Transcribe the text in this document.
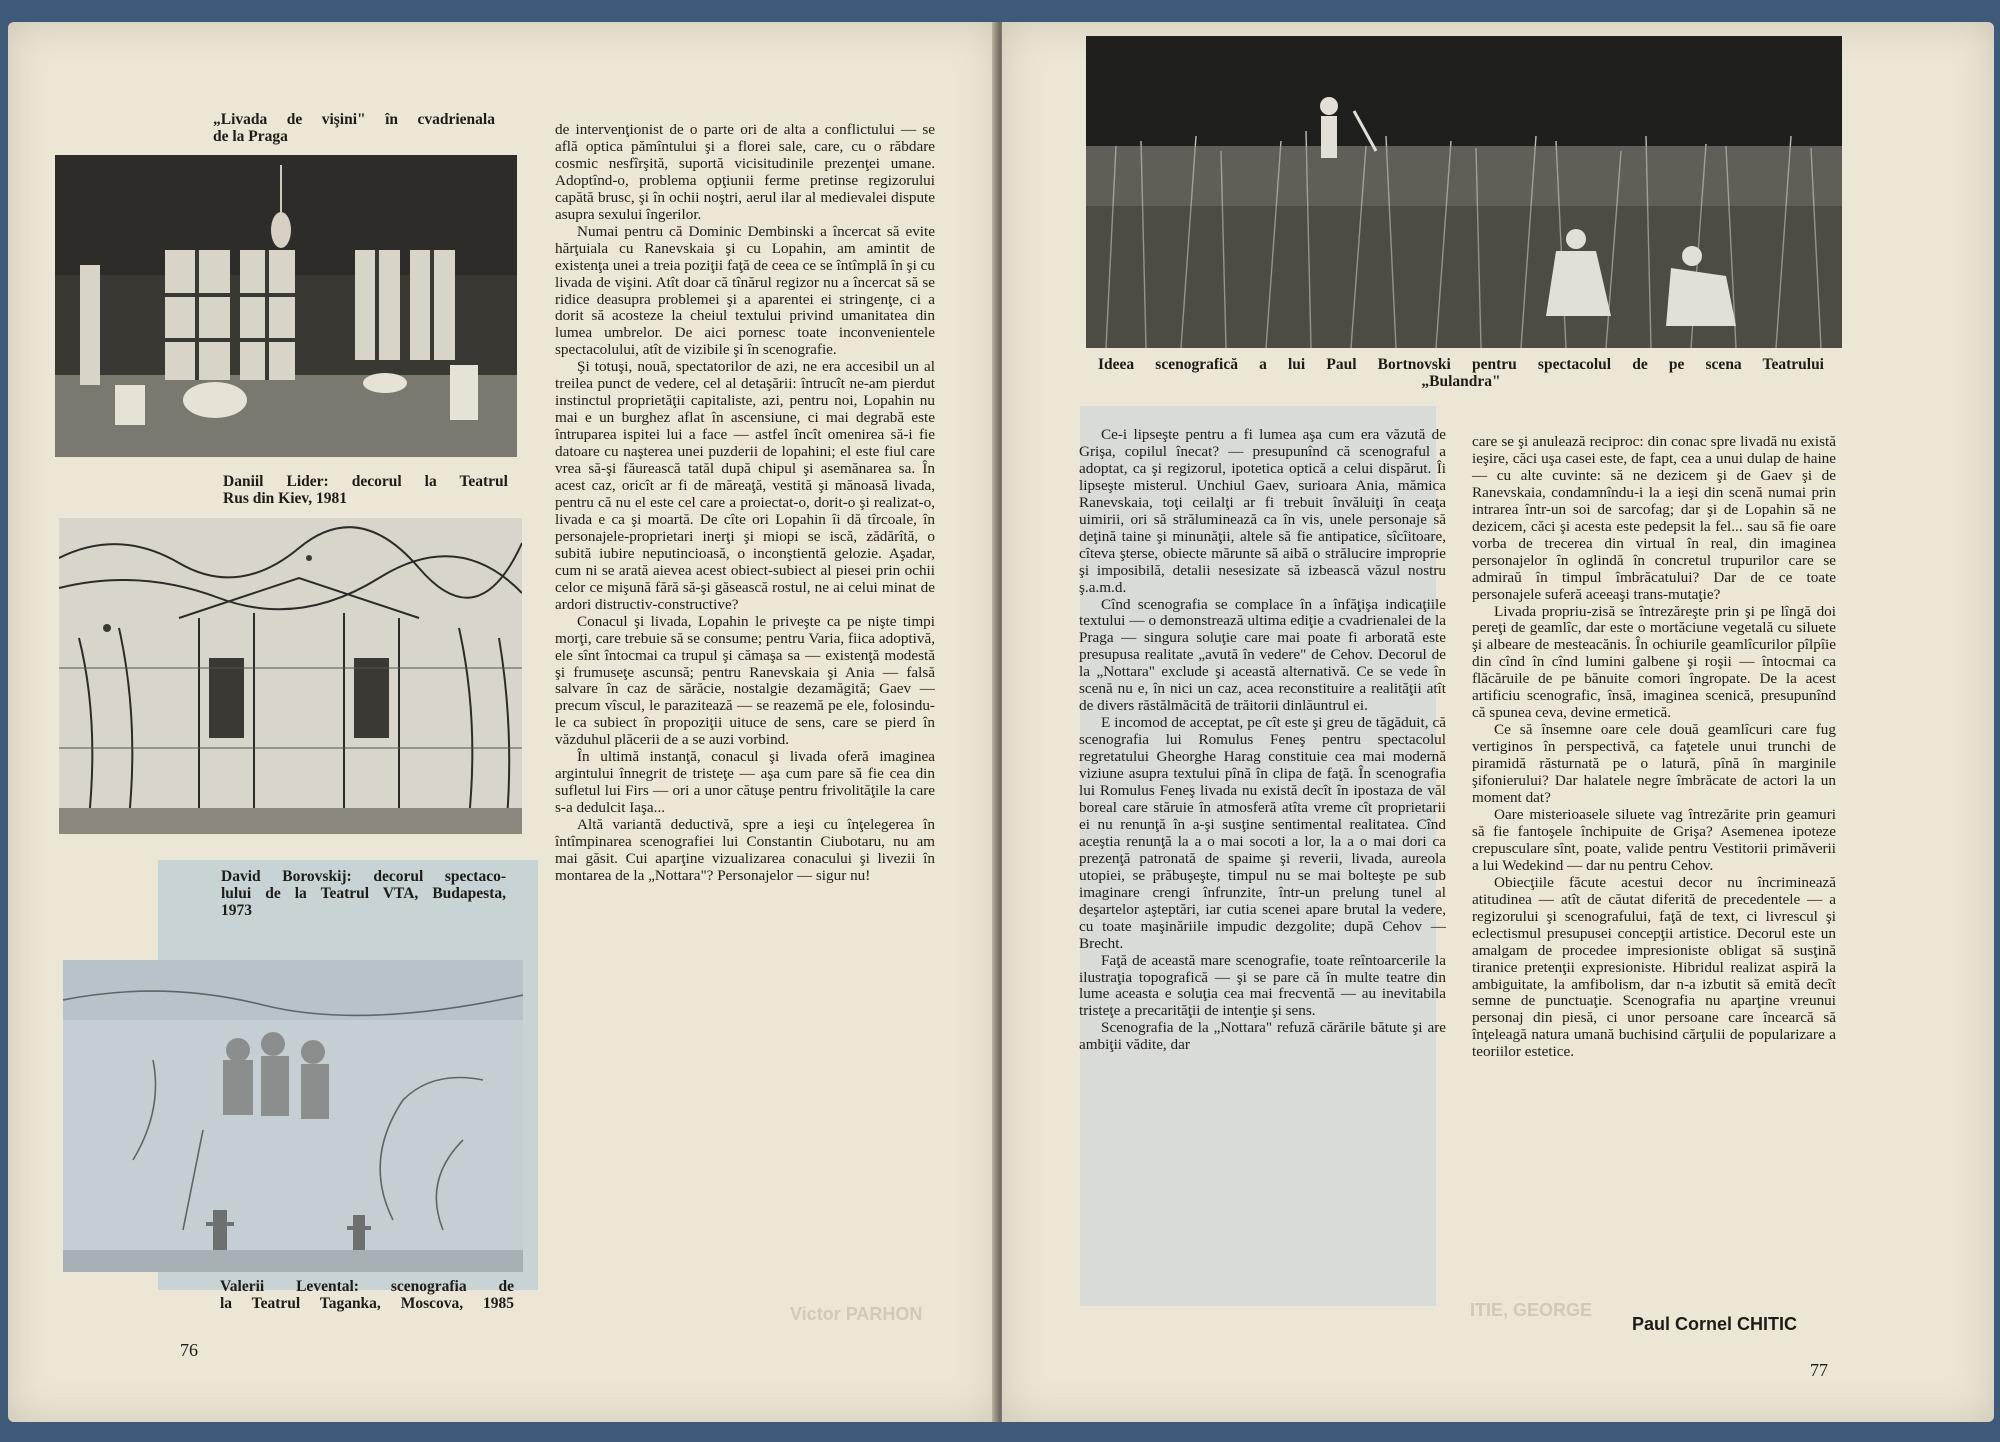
„Livada de vişini" în cvadrienala
de la Praga
Daniil Lider: decorul la Teatrul
Rus din Kiev, 1981
David Borovskij: decorul spectaco-
lului de la Teatrul VTA, Budapesta,
1973
Valerii Levental: scenografia de
la Teatrul Taganka, Moscova, 1985

de intervenţionist de o parte ori de alta a conflictului — se află optica pămîntului şi a florei sale, care, cu o răbdare cosmic nesfîrşită, suportă vicisitudinile prezenţei umane. Adoptînd-o, problema opţiunii ferme pretinse regizorului capătă brusc, şi în ochii noştri, aerul ilar al medievalei dispute asupra sexului îngerilor.

Numai pentru că Dominic Dembinski a încercat să evite hărţuiala cu Ranevskaia şi cu Lopahin, am amintit de existenţa unei a treia poziţii faţă de ceea ce se întîmplă în şi cu livada de vişini. Atît doar că tînărul regizor nu a încercat să se ridice deasupra problemei şi a aparentei ei stringenţe, ci a dorit să acosteze la cheiul textului privind umanitatea din lumea umbrelor. De aici pornesc toate inconvenientele spectacolului, atît de vizibile şi în scenografie.

Şi totuşi, nouă, spectatorilor de azi, ne era accesibil un al treilea punct de vedere, cel al detaşării: întrucît ne-am pierdut instinctul proprietăţii capitaliste, azi, pentru noi, Lopahin nu mai e un burghez aflat în ascensiune, ci mai degrabă este întruparea ispitei lui a face — astfel încît omenirea să-i fie datoare cu naşterea unei puzderii de lopahini; el este fiul care vrea să-şi făurească tatăl după chipul şi asemănarea sa. În acest caz, oricît ar fi de măreaţă, vestită şi mănoasă livada, pentru că nu el este cel care a proiectat-o, dorit-o şi realizat-o, livada e ca şi moartă. De cîte ori Lopahin îi dă tîrcoale, în personajele-proprietari inerţi şi miopi se iscă, zădărîtă, o subită iubire neputincioasă, o inconştientă gelozie. Aşadar, cum ni se arată aievea acest obiect-subiect al piesei prin ochii celor ce mişună fără să-şi găsească rostul, ne ai celui minat de ardori distructiv-constructive?

Conacul şi livada, Lopahin le priveşte ca pe nişte timpi morţi, care trebuie să se consume; pentru Varia, fiica adoptivă, ele sînt întocmai ca trupul şi cămaşa sa — existenţă modestă şi frumuseţe ascunsă; pentru Ranevskaia şi Ania — falsă salvare în caz de sărăcie, nostalgie dezamăgită; Gaev — precum vîscul, le parazitează — se reazemă pe ele, folosindu-le ca subiect în propoziţii uituce de sens, care se pierd în văzduhul plăcerii de a se auzi vorbind.

În ultimă instanţă, conacul şi livada oferă imaginea argintului înnegrit de tristeţe — aşa cum pare să fie cea din sufletul lui Firs — ori a unor cătuşe pentru frivolităţile la care s-a dedulcit Iaşa...

Altă variantă deductivă, spre a ieşi cu înţelegerea în întîmpinarea scenografiei lui Constantin Ciubotaru, nu am mai găsit. Cui aparţine vizualizarea conacului şi livezii în montarea de la „Nottara"? Personajelor — sigur nu!

Victor PARHON
76
Ideea scenografică a lui Paul Bortnovski pentru spectacolul de pe scena Teatrului
„Bulandra"

Ce-i lipseşte pentru a fi lumea aşa cum era văzută de Grişa, copilul înecat? — presupunînd că scenograful a adoptat, ca şi regizorul, ipotetica optică a celui dispărut. Îi lipseşte misterul. Unchiul Gaev, surioara Ania, mămica Ranevskaia, toţi ceilalţi ar fi trebuit învăluiţi în ceaţa uimirii, ori să străluminează ca în vis, unele personaje să deţină taine şi minunăţii, altele să fie antipatice, sîcîitoare, cîteva şterse, obiecte mărunte să aibă o strălucire improprie şi imposibilă, detalii nesesizate să izbească văzul nostru ş.a.m.d.

Cînd scenografia se complace în a înfăţişa indicaţiile textului — o demonstrează ultima ediţie a cvadrienalei de la Praga — singura soluţie care mai poate fi arborată este presupusa realitate „avută în vedere" de Cehov. Decorul de la „Nottara" exclude şi această alternativă. Ce se vede în scenă nu e, în nici un caz, acea reconstituire a realităţii atît de divers răstălmăcită de trăitorii dinlăuntrul ei.

E incomod de acceptat, pe cît este şi greu de tăgăduit, că scenografia lui Romulus Feneş pentru spectacolul regretatului Gheorghe Harag constituie cea mai modernă viziune asupra textului pînă în clipa de faţă. În scenografia lui Romulus Feneş livada nu există decît în ipostaza de văl boreal care stăruie în atmosferă atîta vreme cît proprietarii ei nu renunţă în a-şi susţine sentimental realitatea. Cînd aceştia renunţă la a o mai socoti a lor, la a o mai dori ca prezenţă patronată de spaime şi reverii, livada, aureola utopiei, se prăbuşeşte, timpul nu se mai bolteşte pe sub imaginare crengi înfrunzite, într-un prelung tunel al deşartelor aşteptări, iar cutia scenei apare brutal la vedere, cu toate maşinăriile impudic dezgolite; după Cehov — Brecht.

Faţă de această mare scenografie, toate reîntoarcerile la ilustraţia topografică — şi se pare că în multe teatre din lume aceasta e soluţia cea mai frecventă — au inevitabila tristeţe a precarităţii de intenţie şi sens.

Scenografia de la „Nottara" refuză cărările bătute şi are ambiţii vădite, dar

care se şi anulează reciproc: din conac spre livadă nu există ieşire, căci uşa casei este, de fapt, cea a unui dulap de haine — cu alte cuvinte: să ne dezicem şi de Gaev şi de Ranevskaia, condamnîndu-i la a ieşi din scenă numai prin intrarea într-un soi de sarcofag; dar şi de Lopahin să ne dezicem, căci şi acesta este pedepsit la fel... sau să fie oare vorba de trecerea din virtual în real, din imaginea personajelor în oglindă în concretul trupurilor care se admiraŭ în timpul îmbrăcatului? Dar de ce toate personajele suferă aceeaşi trans-mutaţie?

Livada propriu-zisă se întrezăreşte prin şi pe lîngă doi pereţi de geamlîc, dar este o mortăciune vegetală cu siluete şi albeare de mesteacănis. În ochiurile geamlîcurilor pîlpîie din cînd în cînd lumini galbene şi roşii — întocmai ca flăcăruile de pe bănuite comori îngropate. De la acest artificiu scenografic, însă, imaginea scenică, presupunînd că spunea ceva, devine ermetică.

Ce să însemne oare cele două geamlîcuri care fug vertiginos în perspectivă, ca faţetele unui trunchi de piramidă răsturnată pe o latură, pînă în marginile şifonierului? Dar halatele negre îmbrăcate de actori la un moment dat?

Oare misterioasele siluete vag întrezărite prin geamuri să fie fantoşele închipuite de Grişa? Asemenea ipoteze crepusculare sînt, poate, valide pentru Vestitorii primăverii a lui Wedekind — dar nu pentru Cehov.

Obiecţiile făcute acestui decor nu încriminează atitudinea — atît de căutat diferită de precedentele — a regizorului şi scenografului, faţă de text, ci livrescul şi eclectismul presupusei concepţii artistice. Decorul este un amalgam de procedee impresioniste obligat să susţină tiranice pretenţii expresioniste. Hibridul realizat aspiră la ambiguitate, la amfibolism, dar n-a izbutit să emită decît semne de punctuaţie. Scenografia nu aparţine vreunui personaj din piesă, ci unor persoane care încearcă să înţeleagă natura umană buchisind cărţulii de popularizare a teoriilor estetice.

ITIE, GEORGE
Paul Cornel CHITIC
77
